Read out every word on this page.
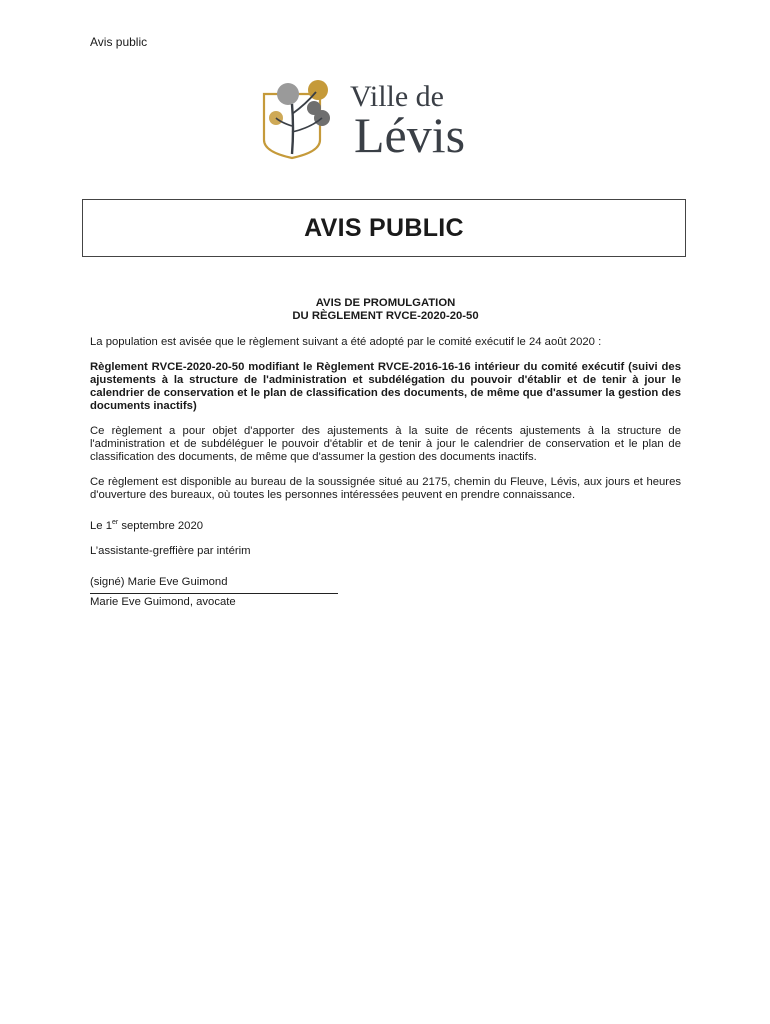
Avis public
Ville de
Lévis
AVIS PUBLIC
AVIS DE PROMULGATION
DU RÈGLEMENT RVCE-2020-20-50

La population est avisée que le règlement suivant a été adopté par le comité exécutif le 24 août 2020 :

Règlement RVCE-2020-20-50 modifiant le Règlement RVCE-2016-16-16 intérieur du comité exécutif (suivi des ajustements à la structure de l'administration et subdélégation du pouvoir d'établir et de tenir à jour le calendrier de conservation et le plan de classification des documents, de même que d'assumer la gestion des documents inactifs)

Ce règlement a pour objet d'apporter des ajustements à la suite de récents ajustements à la structure de l'administration et de subdéléguer le pouvoir d'établir et de tenir à jour le calendrier de conservation et le plan de classification des documents, de même que d'assumer la gestion des documents inactifs.

Ce règlement est disponible au bureau de la soussignée situé au 2175, chemin du Fleuve, Lévis, aux jours et heures d'ouverture des bureaux, où toutes les personnes intéressées peuvent en prendre connaissance.

Le 1er septembre 2020

L’assistante-greffière par intérim

(signé) Marie Eve Guimond

Marie Eve Guimond, avocate
